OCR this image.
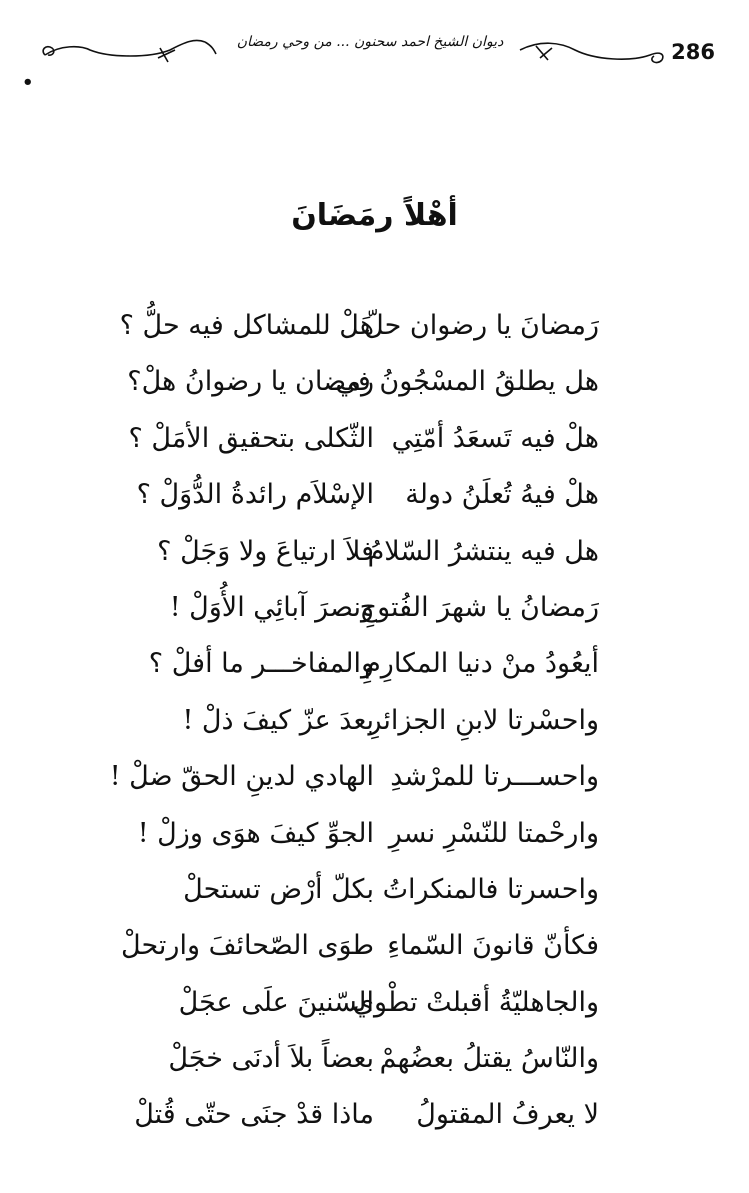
•
286
ديوان الشيخ احمد سحنون ... من وحي رمضان
أهْلاً رمَضَانَ
رَمضانَ يا رضوان حلّ
هَلْ للمشاكل فيه حلُّ ؟
هل يطلقُ المسْجُونُ في
رمضان يا رضوانُ هلْ؟
هلْ فيه تَسعَدُ أمّتِي
الثّكلى بتحقيق الأمَلْ ؟
هلْ فيهُ تُعلَنُ دولة
الإسْلاَم رائدةُ الدُّوَلْ ؟
هل فيه ينتشرُ السّلامُ
فلاَ ارتياعَ ولا وَجَلْ ؟
رَمضانُ يا شهرَ الفُتوحِ
ونصرَ آبائِي الأُوَلْ !
أيعُودُ منْ دنيا المكارِمِ
والمفاخـــر ما أفلْ ؟
واحسْرتا لابنِ الجزائرِ
بعدَ عزّ كيفَ ذلْ !
واحســـرتا للمرْشدِ
الهادي لدينِ الحقّ ضلْ !
وارحْمتا للنّسْرِ نسرِ
الجوِّ كيفَ هوَى وزلْ !
واحسرتا فالمنكراتُ
بكلّ أرْض تستحلْ
فكأنّ قانونَ السّماءِ
طوَى الصّحائفَ وارتحلْ
والجاهليّةُ أقبلتْ تطْوي
السّنينَ علَى عجَلْ
والنّاسُ يقتلُ بعضُهمْ
بعضاً بلاَ أدنَى خجَلْ
لا يعرفُ المقتولُ
ماذا قدْ جنَى حتّى قُتلْ
